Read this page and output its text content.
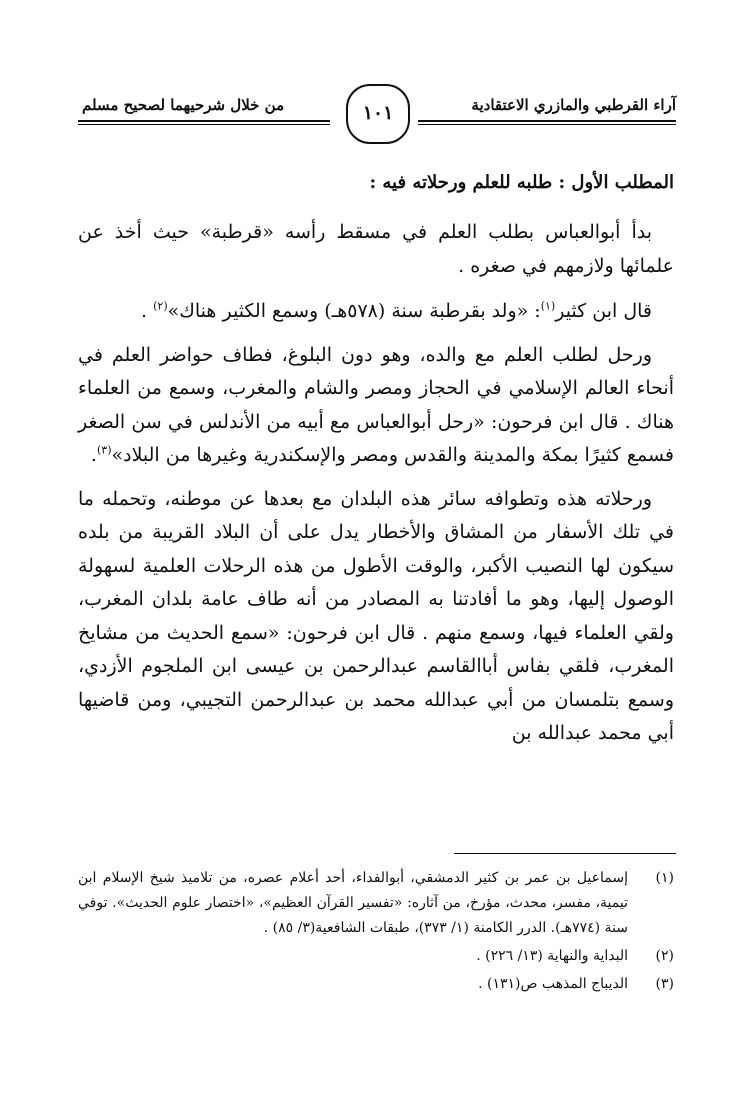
آراء القرطبي والمازري الاعتقادية
من خلال شرحيهما لصحيح مسلم	١٠١
المطلب الأول : طلبه للعلم ورحلاته فيه :

بدأ أبوالعباس بطلب العلم في مسقط رأسه «قرطبة» حيث أخذ عن علمائها ولازمهم في صغره .

قال ابن كثير$^{(١)}$: «ولد بقرطبة سنة (٥٧٨هـ) وسمع الكثير هناك»$^{(٢)}$ .

ورحل لطلب العلم مع والده، وهو دون البلوغ، فطاف حواضر العلم في أنحاء العالم الإسلامي في الحجاز ومصر والشام والمغرب، وسمع من العلماء هناك . قال ابن فرحون: «رحل أبوالعباس مع أبيه من الأندلس في سن الصغر فسمع كثيرًا بمكة والمدينة والقدس ومصر والإسكندرية وغيرها من البلاد»$^{(٣)}$.

ورحلاته هذه وتطوافه سائر هذه البلدان مع بعدها عن موطنه، وتحمله ما في تلك الأسفار من المشاق والأخطار يدل على أن البلاد القريبة من بلده سيكون لها النصيب الأكبر، والوقت الأطول من هذه الرحلات العلمية لسهولة الوصول إليها، وهو ما أفادتنا به المصادر من أنه طاف عامة بلدان المغرب، ولقي العلماء فيها، وسمع منهم . قال ابن فرحون: «سمع الحديث من مشايخ المغرب، فلقي بفاس أباالقاسم عبدالرحمن بن عيسى ابن الملجوم الأزدي، وسمع بتلمسان من أبي عبدالله محمد بن عبدالرحمن التجيبي، ومن قاضيها أبي محمد عبدالله بن

(١)
إسماعيل بن عمر بن كثير الدمشقي، أبوالفداء، أحد أعلام عصره، من تلاميذ شيخ الإسلام ابن تيمية، مفسر، محدث، مؤرخ، من آثاره: «تفسير القرآن العظيم»، «اختصار علوم الحديث». توفي سنة (٧٧٤هـ). الدرر الكامنة (١/ ٣٧٣)، طبقات الشافعية(٣/ ٨٥) .
(٢)
البداية والنهاية (١٣/ ٢٢٦) .
(٣)
الديباج المذهب ص(١٣١) .
